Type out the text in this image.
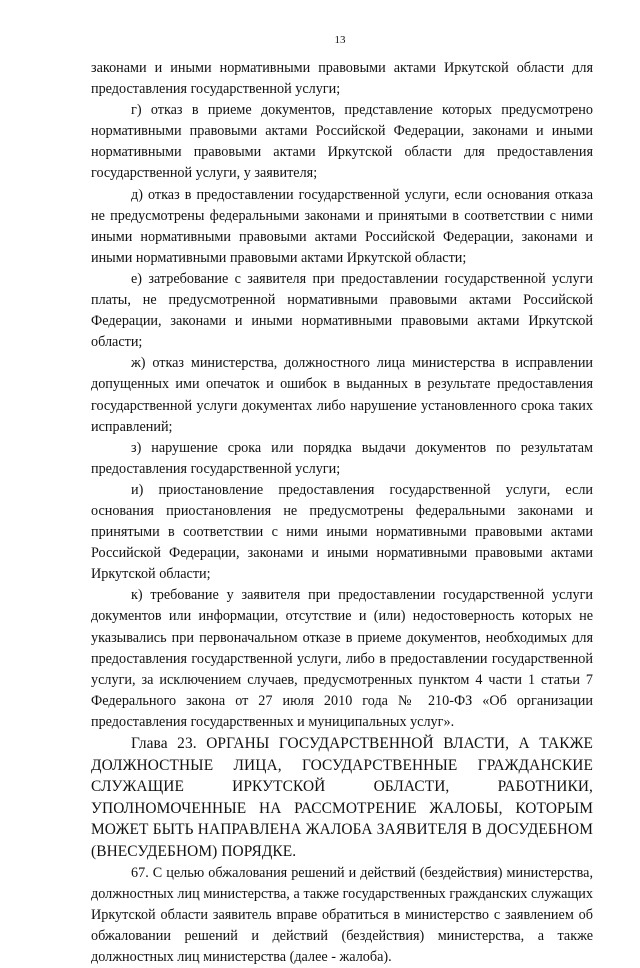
13

законами и иными нормативными правовыми актами Иркутской области для предоставления государственной услуги;

г) отказ в приеме документов, представление которых предусмотрено нормативными правовыми актами Российской Федерации, законами и иными нормативными правовыми актами Иркутской области для предоставления государственной услуги, у заявителя;

д) отказ в предоставлении государственной услуги, если основания отказа не предусмотрены федеральными законами и принятыми в соответствии с ними иными нормативными правовыми актами Российской Федерации, законами и иными нормативными правовыми актами Иркутской области;

е) затребование с заявителя при предоставлении государственной услуги платы, не предусмотренной нормативными правовыми актами Российской Федерации, законами и иными нормативными правовыми актами Иркутской области;

ж) отказ министерства, должностного лица министерства в исправлении допущенных ими опечаток и ошибок в выданных в результате предоставления государственной услуги документах либо нарушение установленного срока таких исправлений;

з) нарушение срока или порядка выдачи документов по результатам предоставления государственной услуги;

и) приостановление предоставления государственной услуги, если основания приостановления не предусмотрены федеральными законами и принятыми в соответствии с ними иными нормативными правовыми актами Российской Федерации, законами и иными нормативными правовыми актами Иркутской области;

к) требование у заявителя при предоставлении государственной услуги документов или информации, отсутствие и (или) недостоверность которых не указывались при первоначальном отказе в приеме документов, необходимых для предоставления государственной услуги, либо в предоставлении государственной услуги, за исключением случаев, предусмотренных пунктом 4 части 1 статьи 7 Федерального закона от 27 июля 2010 года № 210-ФЗ «Об организации предоставления государственных и муниципальных услуг».

Глава 23. ОРГАНЫ ГОСУДАРСТВЕННОЙ ВЛАСТИ, А ТАКЖЕ ДОЛЖНОСТНЫЕ ЛИЦА, ГОСУДАРСТВЕННЫЕ ГРАЖДАНСКИЕ СЛУЖАЩИЕ ИРКУТСКОЙ ОБЛАСТИ, РАБОТНИКИ, УПОЛНОМОЧЕННЫЕ НА РАССМОТРЕНИЕ ЖАЛОБЫ, КОТОРЫМ МОЖЕТ БЫТЬ НАПРАВЛЕНА ЖАЛОБА ЗАЯВИТЕЛЯ В ДОСУДЕБНОМ (ВНЕСУДЕБНОМ) ПОРЯДКЕ.

67. С целью обжалования решений и действий (бездействия) министерства, должностных лиц министерства, а также государственных гражданских служащих Иркутской области заявитель вправе обратиться в министерство с заявлением об обжаловании решений и действий (бездействия) министерства, а также должностных лиц министерства (далее - жалоба).
